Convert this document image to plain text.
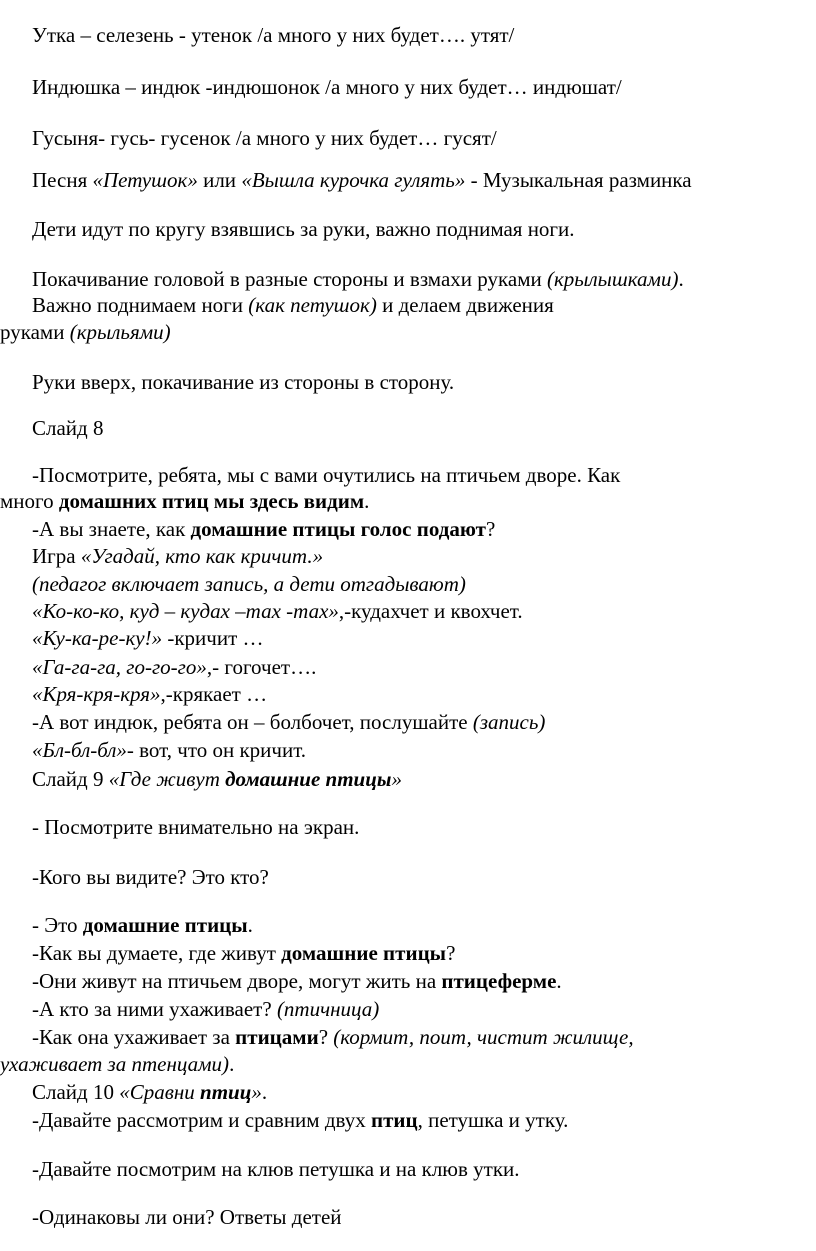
Утка – селезень - утенок /а много у них будет…. утят/
Индюшка – индюк -индюшонок /а много у них будет… индюшат/
Гусыня- гусь- гусенок /а много у них будет… гусят/
Песня «Петушок» или «Вышла курочка гулять» - Музыкальная разминка
Дети идут по кругу взявшись за руки, важно поднимая ноги.
Покачивание головой в разные стороны и взмахи руками (крылышками).
Важно поднимаем ноги (как петушок) и делаем движения
руками (крыльями)
Руки вверх, покачивание из стороны в сторону.
Слайд 8
-Посмотрите, ребята, мы с вами очутились на птичьем дворе. Как
много домашних птиц мы здесь видим.
-А вы знаете, как домашние птицы голос подают?
Игра «Угадай, кто как кричит.»
(педагог включает запись, а дети отгадывают)
«Ко-ко-ко, куд – кудах –тах -тах»,-кудахчет и квохчет.
«Ку-ка-ре-ку!» -кричит …
«Га-га-га, го-го-го»,- гогочет….
«Кря-кря-кря»,-крякает …
-А вот индюк, ребята он – болбочет, послушайте (запись)
«Бл-бл-бл»- вот, что он кричит.
Слайд 9 «Где живут домашние птицы»
- Посмотрите внимательно на экран.
-Кого вы видите? Это кто?
- Это домашние птицы.
-Как вы думаете, где живут домашние птицы?
-Они живут на птичьем дворе, могут жить на птицеферме.
-А кто за ними ухаживает? (птичница)
-Как она ухаживает за птицами? (кормит, поит, чистит жилище,
ухаживает за птенцами).
Слайд 10 «Сравни птиц».
-Давайте рассмотрим и сравним двух птиц, петушка и утку.
-Давайте посмотрим на клюв петушка и на клюв утки.
-Одинаковы ли они? Ответы детей
